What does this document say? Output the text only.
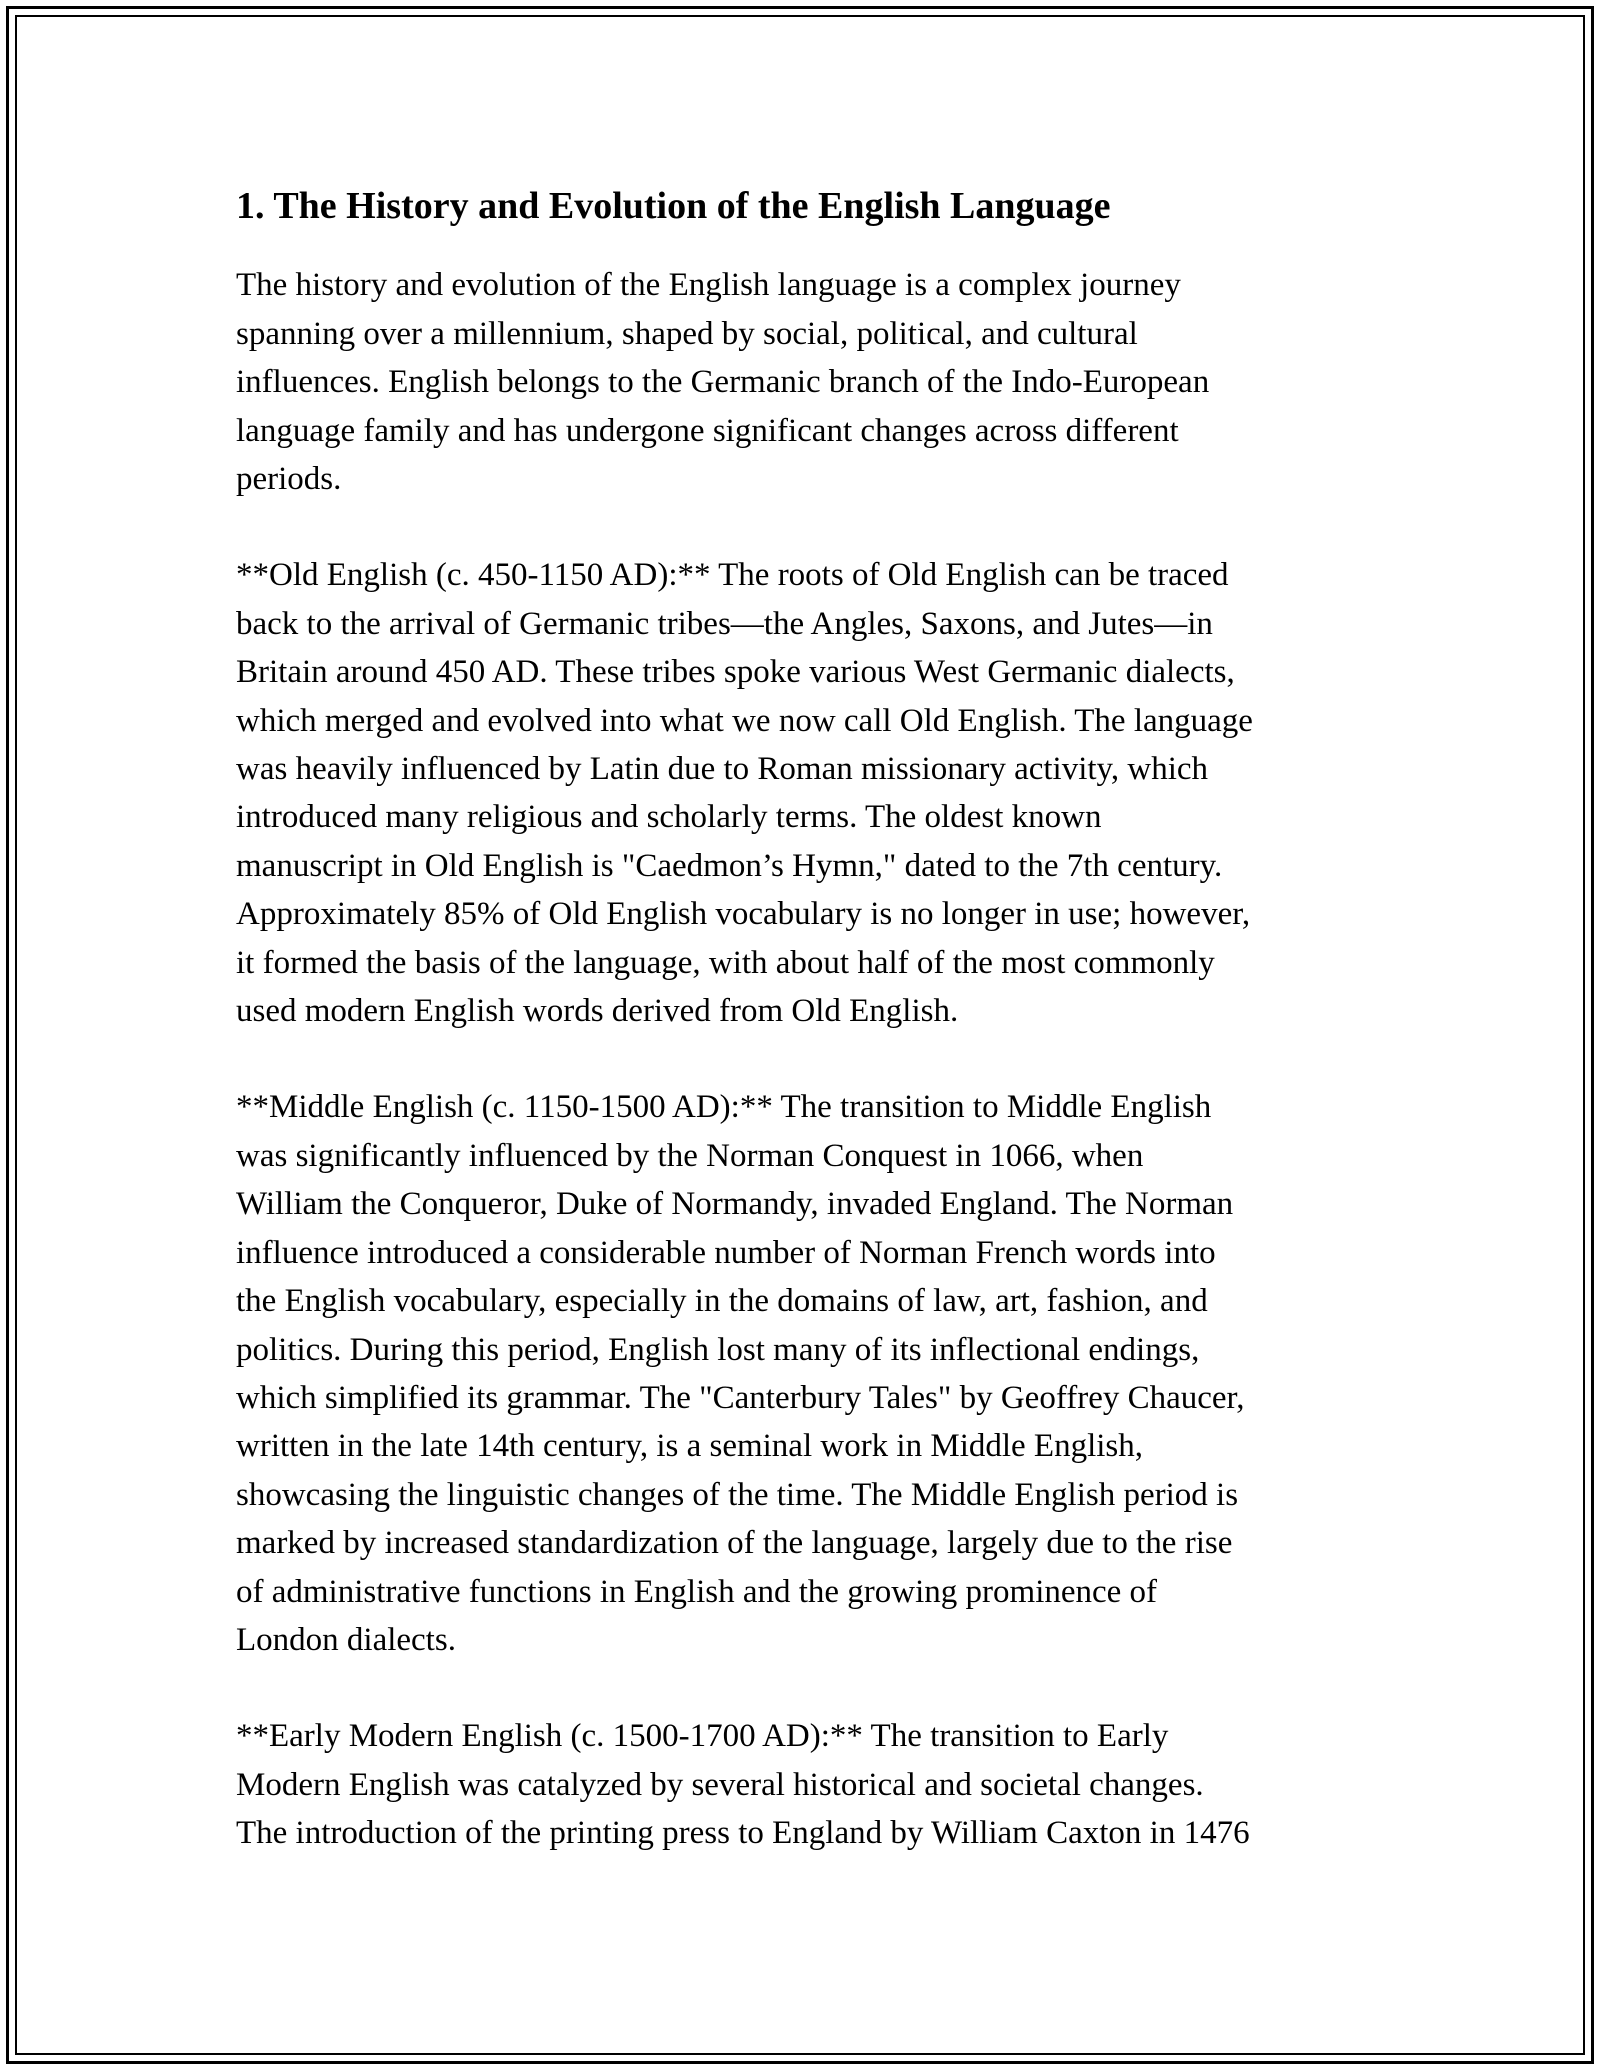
1. The History and Evolution of the English Language

The history and evolution of the English language is a complex journey
spanning over a millennium, shaped by social, political, and cultural
influences. English belongs to the Germanic branch of the Indo-European
language family and has undergone significant changes across different
periods.

**Old English (c. 450-1150 AD):** The roots of Old English can be traced
back to the arrival of Germanic tribes—the Angles, Saxons, and Jutes—in
Britain around 450 AD. These tribes spoke various West Germanic dialects,
which merged and evolved into what we now call Old English. The language
was heavily influenced by Latin due to Roman missionary activity, which
introduced many religious and scholarly terms. The oldest known
manuscript in Old English is "Caedmon’s Hymn," dated to the 7th century.
Approximately 85% of Old English vocabulary is no longer in use; however,
it formed the basis of the language, with about half of the most commonly
used modern English words derived from Old English.

**Middle English (c. 1150-1500 AD):** The transition to Middle English
was significantly influenced by the Norman Conquest in 1066, when
William the Conqueror, Duke of Normandy, invaded England. The Norman
influence introduced a considerable number of Norman French words into
the English vocabulary, especially in the domains of law, art, fashion, and
politics. During this period, English lost many of its inflectional endings,
which simplified its grammar. The "Canterbury Tales" by Geoffrey Chaucer,
written in the late 14th century, is a seminal work in Middle English,
showcasing the linguistic changes of the time. The Middle English period is
marked by increased standardization of the language, largely due to the rise
of administrative functions in English and the growing prominence of
London dialects.

**Early Modern English (c. 1500-1700 AD):** The transition to Early
Modern English was catalyzed by several historical and societal changes.
The introduction of the printing press to England by William Caxton in 1476
